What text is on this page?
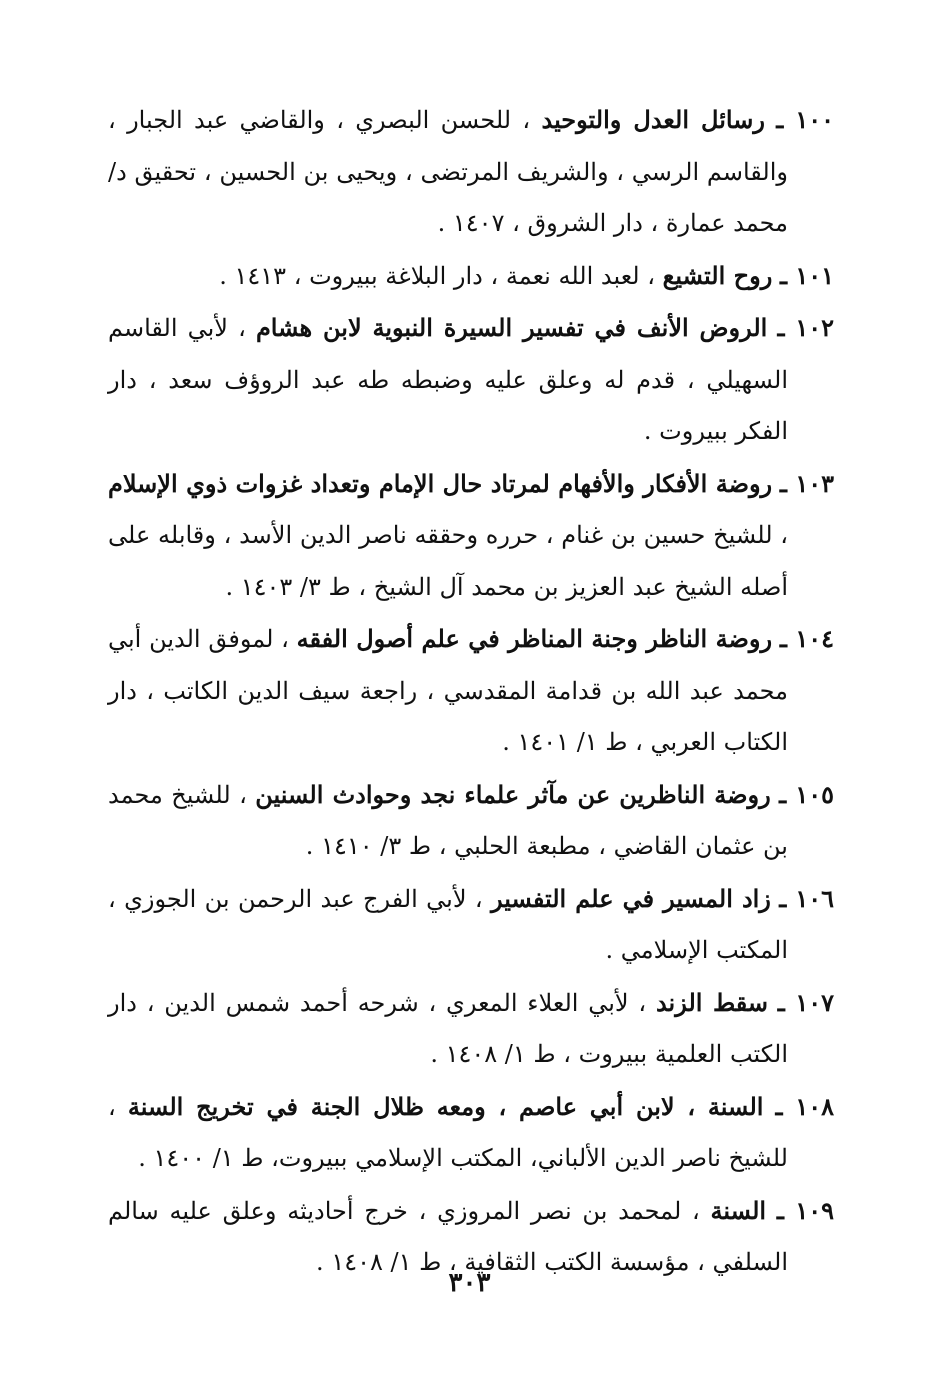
١٠٠ ـ رسائل العدل والتوحيد ، للحسن البصري ، والقاضي عبد الجبار ، والقاسم الرسي ، والشريف المرتضى ، ويحيى بن الحسين ، تحقيق د/ محمد عمارة ، دار الشروق ، ١٤٠٧ .

١٠١ ـ روح التشيع ، لعبد الله نعمة ، دار البلاغة ببيروت ، ١٤١٣ .

١٠٢ ـ الروض الأنف في تفسير السيرة النبوية لابن هشام ، لأبي القاسم السهيلي ، قدم له وعلق عليه وضبطه طه عبد الروؤف سعد ، دار الفكر ببيروت .

١٠٣ ـ روضة الأفكار والأفهام لمرتاد حال الإمام وتعداد غزوات ذوي الإسلام ، للشيخ حسين بن غنام ، حرره وحققه ناصر الدين الأسد ، وقابله على أصله الشيخ عبد العزيز بن محمد آل الشيخ ، ط ٣/ ١٤٠٣ .

١٠٤ ـ روضة الناظر وجنة المناظر في علم أصول الفقه ، لموفق الدين أبي محمد عبد الله بن قدامة المقدسي ، راجعة سيف الدين الكاتب ، دار الكتاب العربي ، ط ١/ ١٤٠١ .

١٠٥ ـ روضة الناظرين عن مآثر علماء نجد وحوادث السنين ، للشيخ محمد بن عثمان القاضي ، مطبعة الحلبي ، ط ٣/ ١٤١٠ .

١٠٦ ـ زاد المسير في علم التفسير ، لأبي الفرج عبد الرحمن بن الجوزي ، المكتب الإسلامي .

١٠٧ ـ سقط الزند ، لأبي العلاء المعري ، شرحه أحمد شمس الدين ، دار الكتب العلمية ببيروت ، ط ١/ ١٤٠٨ .

١٠٨ ـ السنة ، لابن أبي عاصم ، ومعه ظلال الجنة في تخريج السنة ، للشيخ ناصر الدين الألباني، المكتب الإسلامي ببيروت، ط ١/ ١٤٠٠ .

١٠٩ ـ السنة ، لمحمد بن نصر المروزي ، خرج أحاديثه وعلق عليه سالم السلفي ، مؤسسة الكتب الثقافية ، ط ١/ ١٤٠٨ .

٣٠٣
